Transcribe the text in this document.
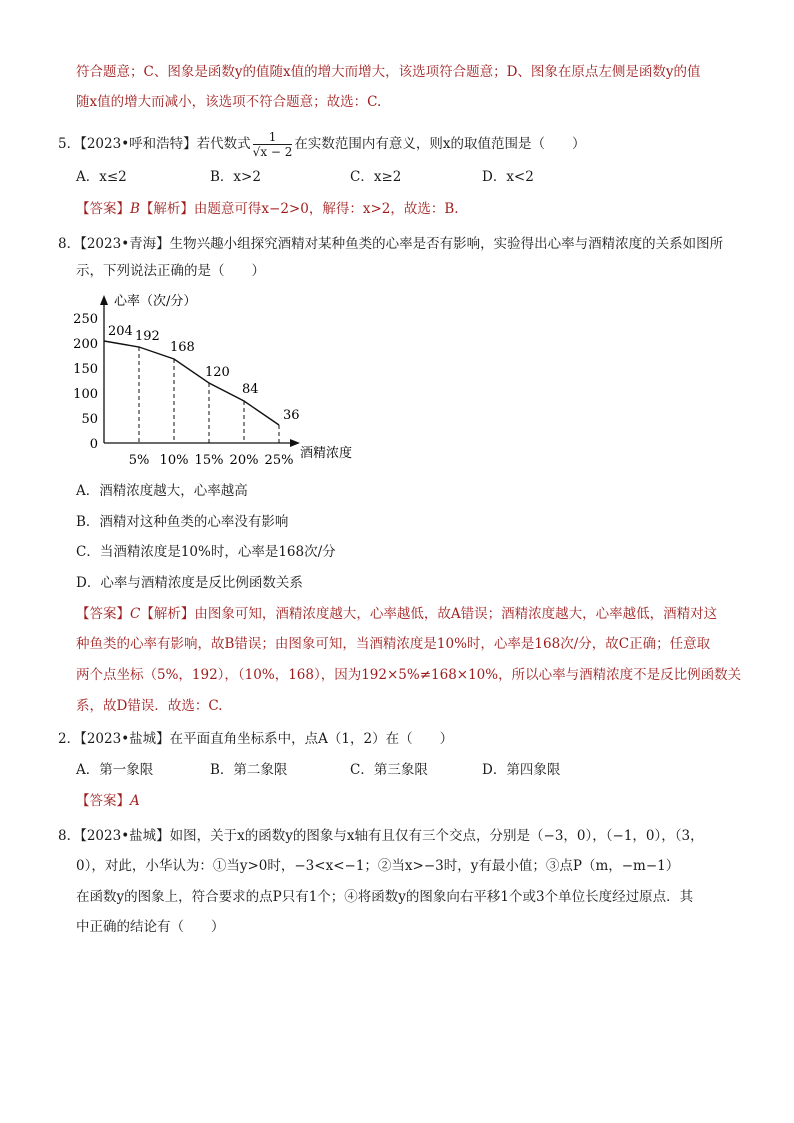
符合题意；C、图象是函数y的值随x值的增大而增大，该选项符合题意；D、图象在原点左侧是函数y的值
随x值的增大而减小，该选项不符合题意；故选：C.
5．【2023•呼和浩特】若代数式 $\frac{1}{√x - 2}$ 在实数范围内有意义，则x的取值范围是（　　）
A．x≤2	B．x>2	C．x≥2	D．x<2
【答案】B【解析】由题意可得x−2>0，解得：x>2，故选：B.
8．【2023•青海】生物兴趣小组探究酒精对某种鱼类的心率是否有影响，实验得出心率与酒精浓度的关系如图所
示，下列说法正确的是（　　）
心率（次/分）
酒精浓度
0
50
100
150
200
250
5% 10% 15% 20% 25%
204 192
168
120
84
36
A．酒精浓度越大，心率越高
B．酒精对这种鱼类的心率没有影响
C．当酒精浓度是10%时，心率是168次/分
D．心率与酒精浓度是反比例函数关系
【答案】C【解析】由图象可知，酒精浓度越大，心率越低，故A错误；酒精浓度越大，心率越低，酒精对这
种鱼类的心率有影响，故B错误；由图象可知，当酒精浓度是10%时，心率是168次/分，故C正确；任意取
两个点坐标（5%，192），（10%，168），因为192×5%≠168×10%，所以心率与酒精浓度不是反比例函数关
系，故D错误．故选：C.
2．【2023•盐城】在平面直角坐标系中，点A（1，2）在（　　）
A．第一象限	B．第二象限	C．第三象限	D．第四象限
【答案】A
8．【2023•盐城】如图，关于x的函数y的图象与x轴有且仅有三个交点，分别是（−3，0），（−1，0），（3，
0），对此，小华认为：①当y>0时，−3<x<−1；②当x>−3时，y有最小值；③点P（m，−m−1）
在函数y的图象上，符合要求的点P只有1个；④将函数y的图象向右平移1个或3个单位长度经过原点．其
中正确的结论有（　　）
